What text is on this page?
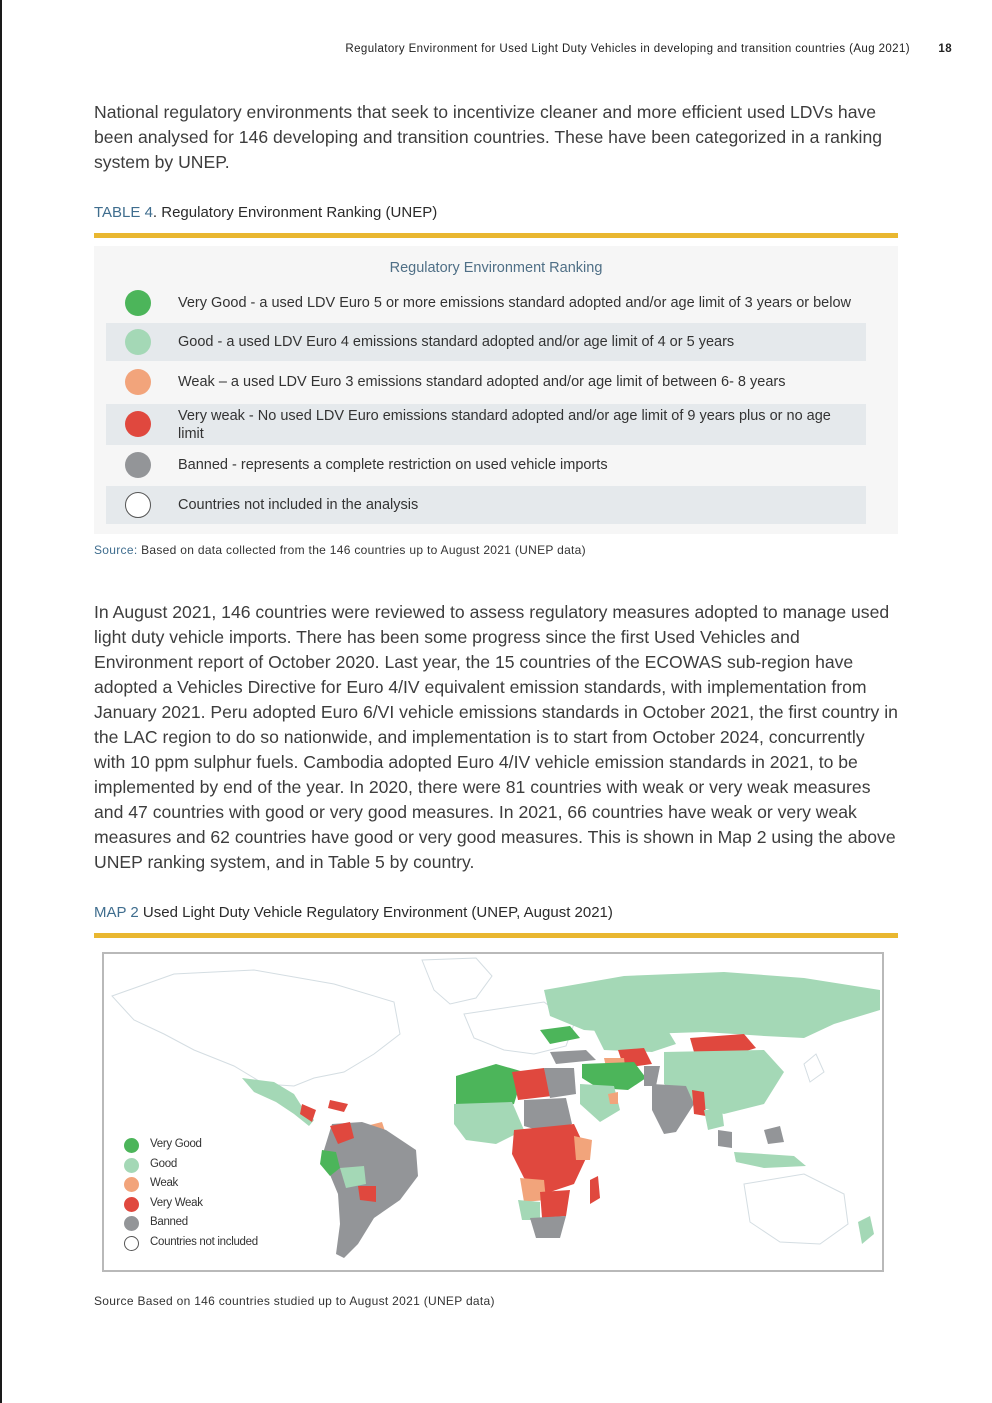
Regulatory Environment for Used Light Duty Vehicles in developing and transition countries (Aug 2021) 18

National regulatory environments that seek to incentivize cleaner and more efficient used LDVs have been analysed for 146 developing and transition countries. These have been categorized in a ranking system by UNEP.

TABLE 4. Regulatory Environment Ranking (UNEP)
Regulatory Environment Ranking
Very Good - a used LDV Euro 5 or more emissions standard adopted and/or age limit of 3 years or below
Good - a used LDV Euro 4 emissions standard adopted and/or age limit of 4 or 5 years
Weak – a used LDV Euro 3 emissions standard adopted and/or age limit of between 6- 8 years
Very weak - No used LDV Euro emissions standard adopted and/or age limit of 9 years plus or no age limit
Banned - represents a complete restriction on used vehicle imports
Countries not included in the analysis
Source: Based on data collected from the 146 countries up to August 2021 (UNEP data)

In August 2021, 146 countries were reviewed to assess regulatory measures adopted to manage used light duty vehicle imports. There has been some progress since the first Used Vehicles and Environment report of October 2020. Last year, the 15 countries of the ECOWAS sub-region have adopted a Vehicles Directive for Euro 4/IV equivalent emission standards, with implementation from January 2021. Peru adopted Euro 6/VI vehicle emissions standards in October 2021, the first country in the LAC region to do so nationwide, and implementation is to start from October 2024, concurrently with 10 ppm sulphur fuels. Cambodia adopted Euro 4/IV vehicle emission standards in 2021, to be implemented by end of the year. In 2020, there were 81 countries with weak or very weak measures and 47 countries with good or very good measures. In 2021, 66 countries have weak or very weak measures and 62 countries have good or very good measures. This is shown in Map 2 using the above UNEP ranking system, and in Table 5 by country.

MAP 2 Used Light Duty Vehicle Regulatory Environment (UNEP, August 2021)
Very Good
Good
Weak
Very Weak
Banned
Countries not included
Source Based on 146 countries studied up to August 2021 (UNEP data)
